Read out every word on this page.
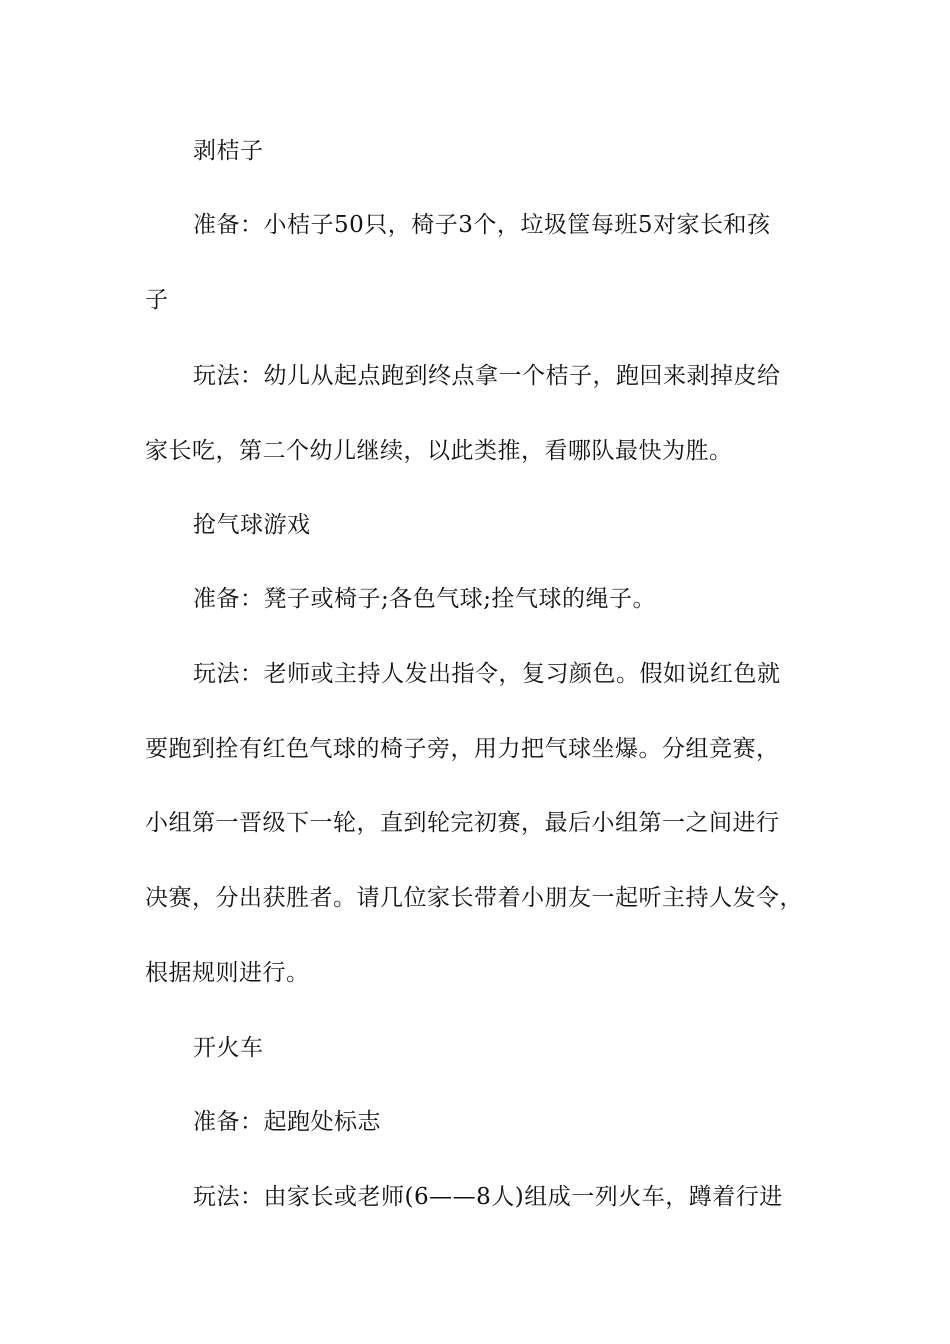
剥桔子
准备：小桔子50只，椅子3个，垃圾筐每班5对家长和孩
子
玩法：幼儿从起点跑到终点拿一个桔子，跑回来剥掉皮给
家长吃，第二个幼儿继续，以此类推，看哪队最快为胜。
抢气球游戏
准备：凳子或椅子;各色气球;拴气球的绳子。
玩法：老师或主持人发出指令，复习颜色。假如说红色就
要跑到拴有红色气球的椅子旁，用力把气球坐爆。分组竞赛，
小组第一晋级下一轮，直到轮完初赛，最后小组第一之间进行
决赛，分出获胜者。请几位家长带着小朋友一起听主持人发令，
根据规则进行。
开火车
准备：起跑处标志
玩法：由家长或老师(6——8人)组成一列火车，蹲着行进
